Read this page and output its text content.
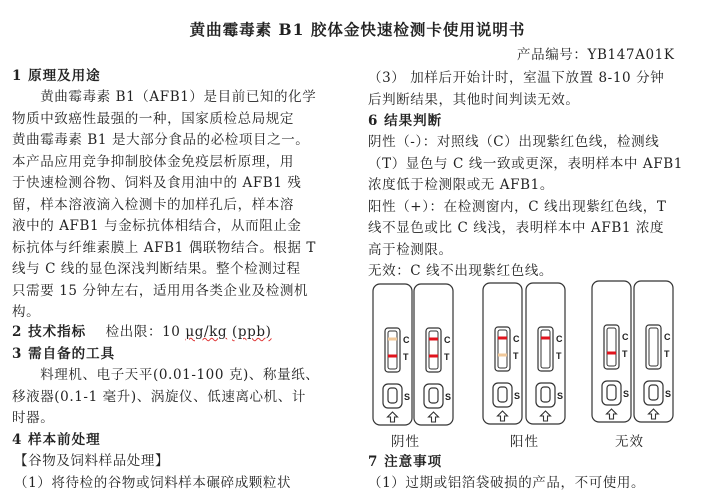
黄曲霉毒素 B1 胶体金快速检测卡使用说明书
产品编号：YB147A01K
1 原理及用途
　　黄曲霉毒素 B1（AFB1）是目前已知的化学
物质中致癌性最强的一种，国家质检总局规定
黄曲霉毒素 B1 是大部分食品的必检项目之一。
本产品应用竞争抑制胶体金免疫层析原理，用
于快速检测谷物、饲料及食用油中的 AFB1 残
留，样本溶液滴入检测卡的加样孔后，样本溶
液中的 AFB1 与金标抗体相结合，从而阻止金
标抗体与纤维素膜上 AFB1 偶联物结合。根据 T
线与 C 线的显色深浅判断结果。整个检测过程
只需要 15 分钟左右，适用用各类企业及检测机
构。
2 技术指标 检出限：10 μg/kg (ppb)
3 需自备的工具
　　料理机、电子天平(0.01-100 克)、称量纸、
移液器(0.1-1 毫升)、涡旋仪、低速离心机、计
时器。
4 样本前处理
【谷物及饲料样品处理】
（1）将待检的谷物或饲料样本碾碎成颗粒状
（3） 加样后开始计时，室温下放置 8-10 分钟
后判断结果，其他时间判读无效。
6 结果判断
阴性（-）：对照线（C）出现紫红色线，检测线
（T）显色与 C 线一致或更深，表明样本中 AFB1
浓度低于检测限或无 AFB1。
阳性（+）：在检测窗内，C 线出现紫红色线，T
线不显色或比 C 线浅，表明样本中 AFB1 浓度
高于检测限。
无效：C 线不出现紫红色线。
C
T
S
C
T
S
C
T
S
C
T
S
C
T
S
C
T
S
阴性	阳性	无效
7 注意事项
（1）过期或铝箔袋破损的产品，不可使用。
